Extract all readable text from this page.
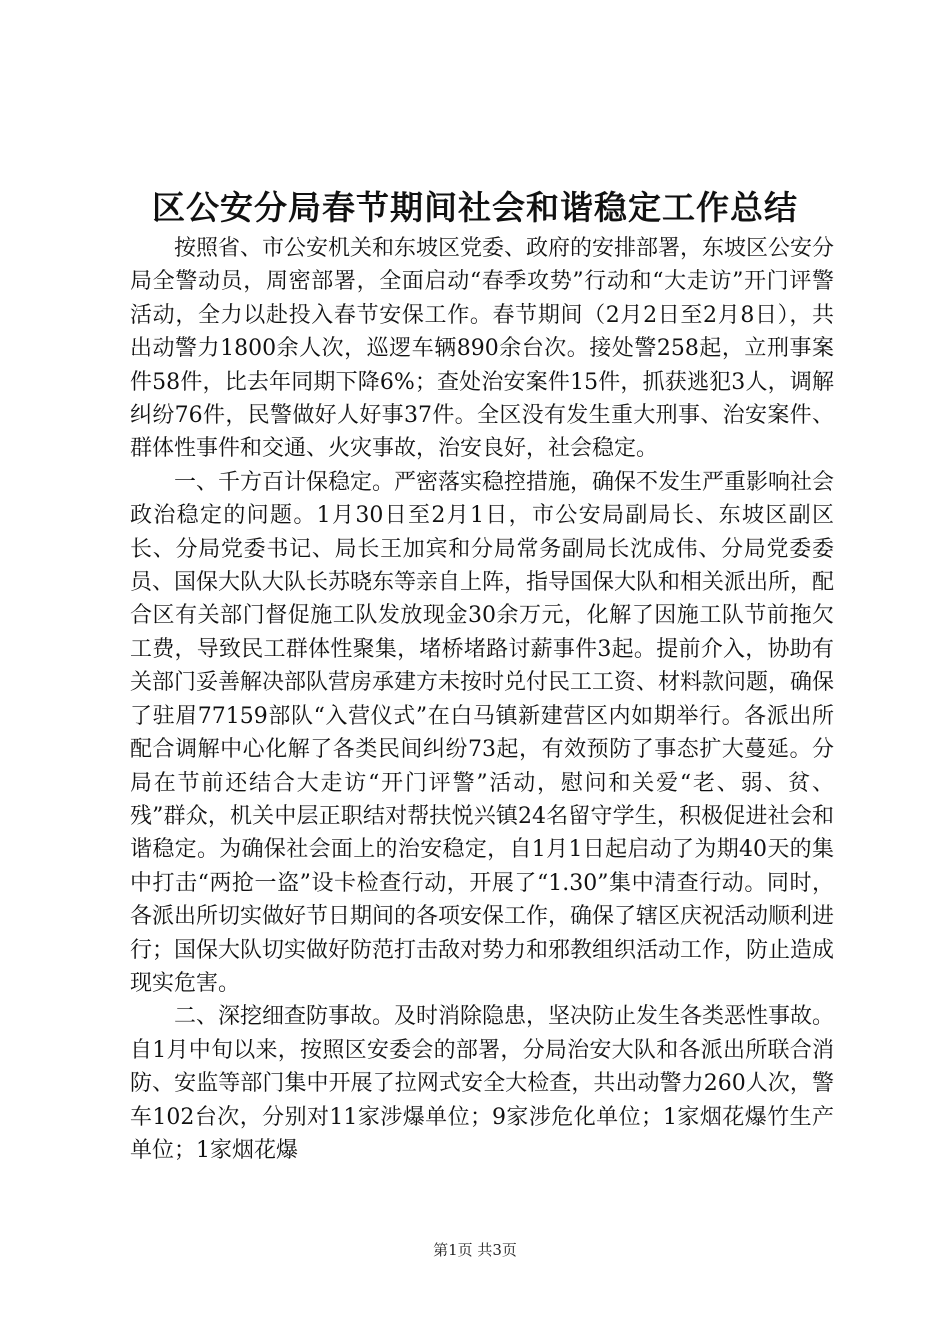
区公安分局春节期间社会和谐稳定工作总结

按照省、市公安机关和东坡区党委、政府的安排部署，东坡区公安分局全警动员，周密部署，全面启动“春季攻势”行动和“大走访”开门评警活动，全力以赴投入春节安保工作。春节期间（2月2日至2月8日），共出动警力1800余人次，巡逻车辆890余台次。接处警258起，立刑事案件58件，比去年同期下降6%；查处治安案件15件，抓获逃犯3人，调解纠纷76件，民警做好人好事37件。全区没有发生重大刑事、治安案件、群体性事件和交通、火灾事故，治安良好，社会稳定。

一、千方百计保稳定。严密落实稳控措施，确保不发生严重影响社会政治稳定的问题。1月30日至2月1日，市公安局副局长、东坡区副区长、分局党委书记、局长王加宾和分局常务副局长沈成伟、分局党委委员、国保大队大队长苏晓东等亲自上阵，指导国保大队和相关派出所，配合区有关部门督促施工队发放现金30余万元，化解了因施工队节前拖欠工费，导致民工群体性聚集，堵桥堵路讨薪事件3起。提前介入，协助有关部门妥善解决部队营房承建方未按时兑付民工工资、材料款问题，确保了驻眉77159部队“入营仪式”在白马镇新建营区内如期举行。各派出所配合调解中心化解了各类民间纠纷73起，有效预防了事态扩大蔓延。分局在节前还结合大走访“开门评警”活动，慰问和关爱“老、弱、贫、残”群众，机关中层正职结对帮扶悦兴镇24名留守学生，积极促进社会和谐稳定。为确保社会面上的治安稳定，自1月1日起启动了为期40天的集中打击“两抢一盗”设卡检查行动，开展了“1.30”集中清查行动。同时，各派出所切实做好节日期间的各项安保工作，确保了辖区庆祝活动顺利进行；国保大队切实做好防范打击敌对势力和邪教组织活动工作，防止造成现实危害。

二、深挖细查防事故。及时消除隐患，坚决防止发生各类恶性事故。自1月中旬以来，按照区安委会的部署，分局治安大队和各派出所联合消防、安监等部门集中开展了拉网式安全大检查，共出动警力260人次，警车102台次，分别对11家涉爆单位；9家涉危化单位；1家烟花爆竹生产单位；1家烟花爆

第1页 共3页
